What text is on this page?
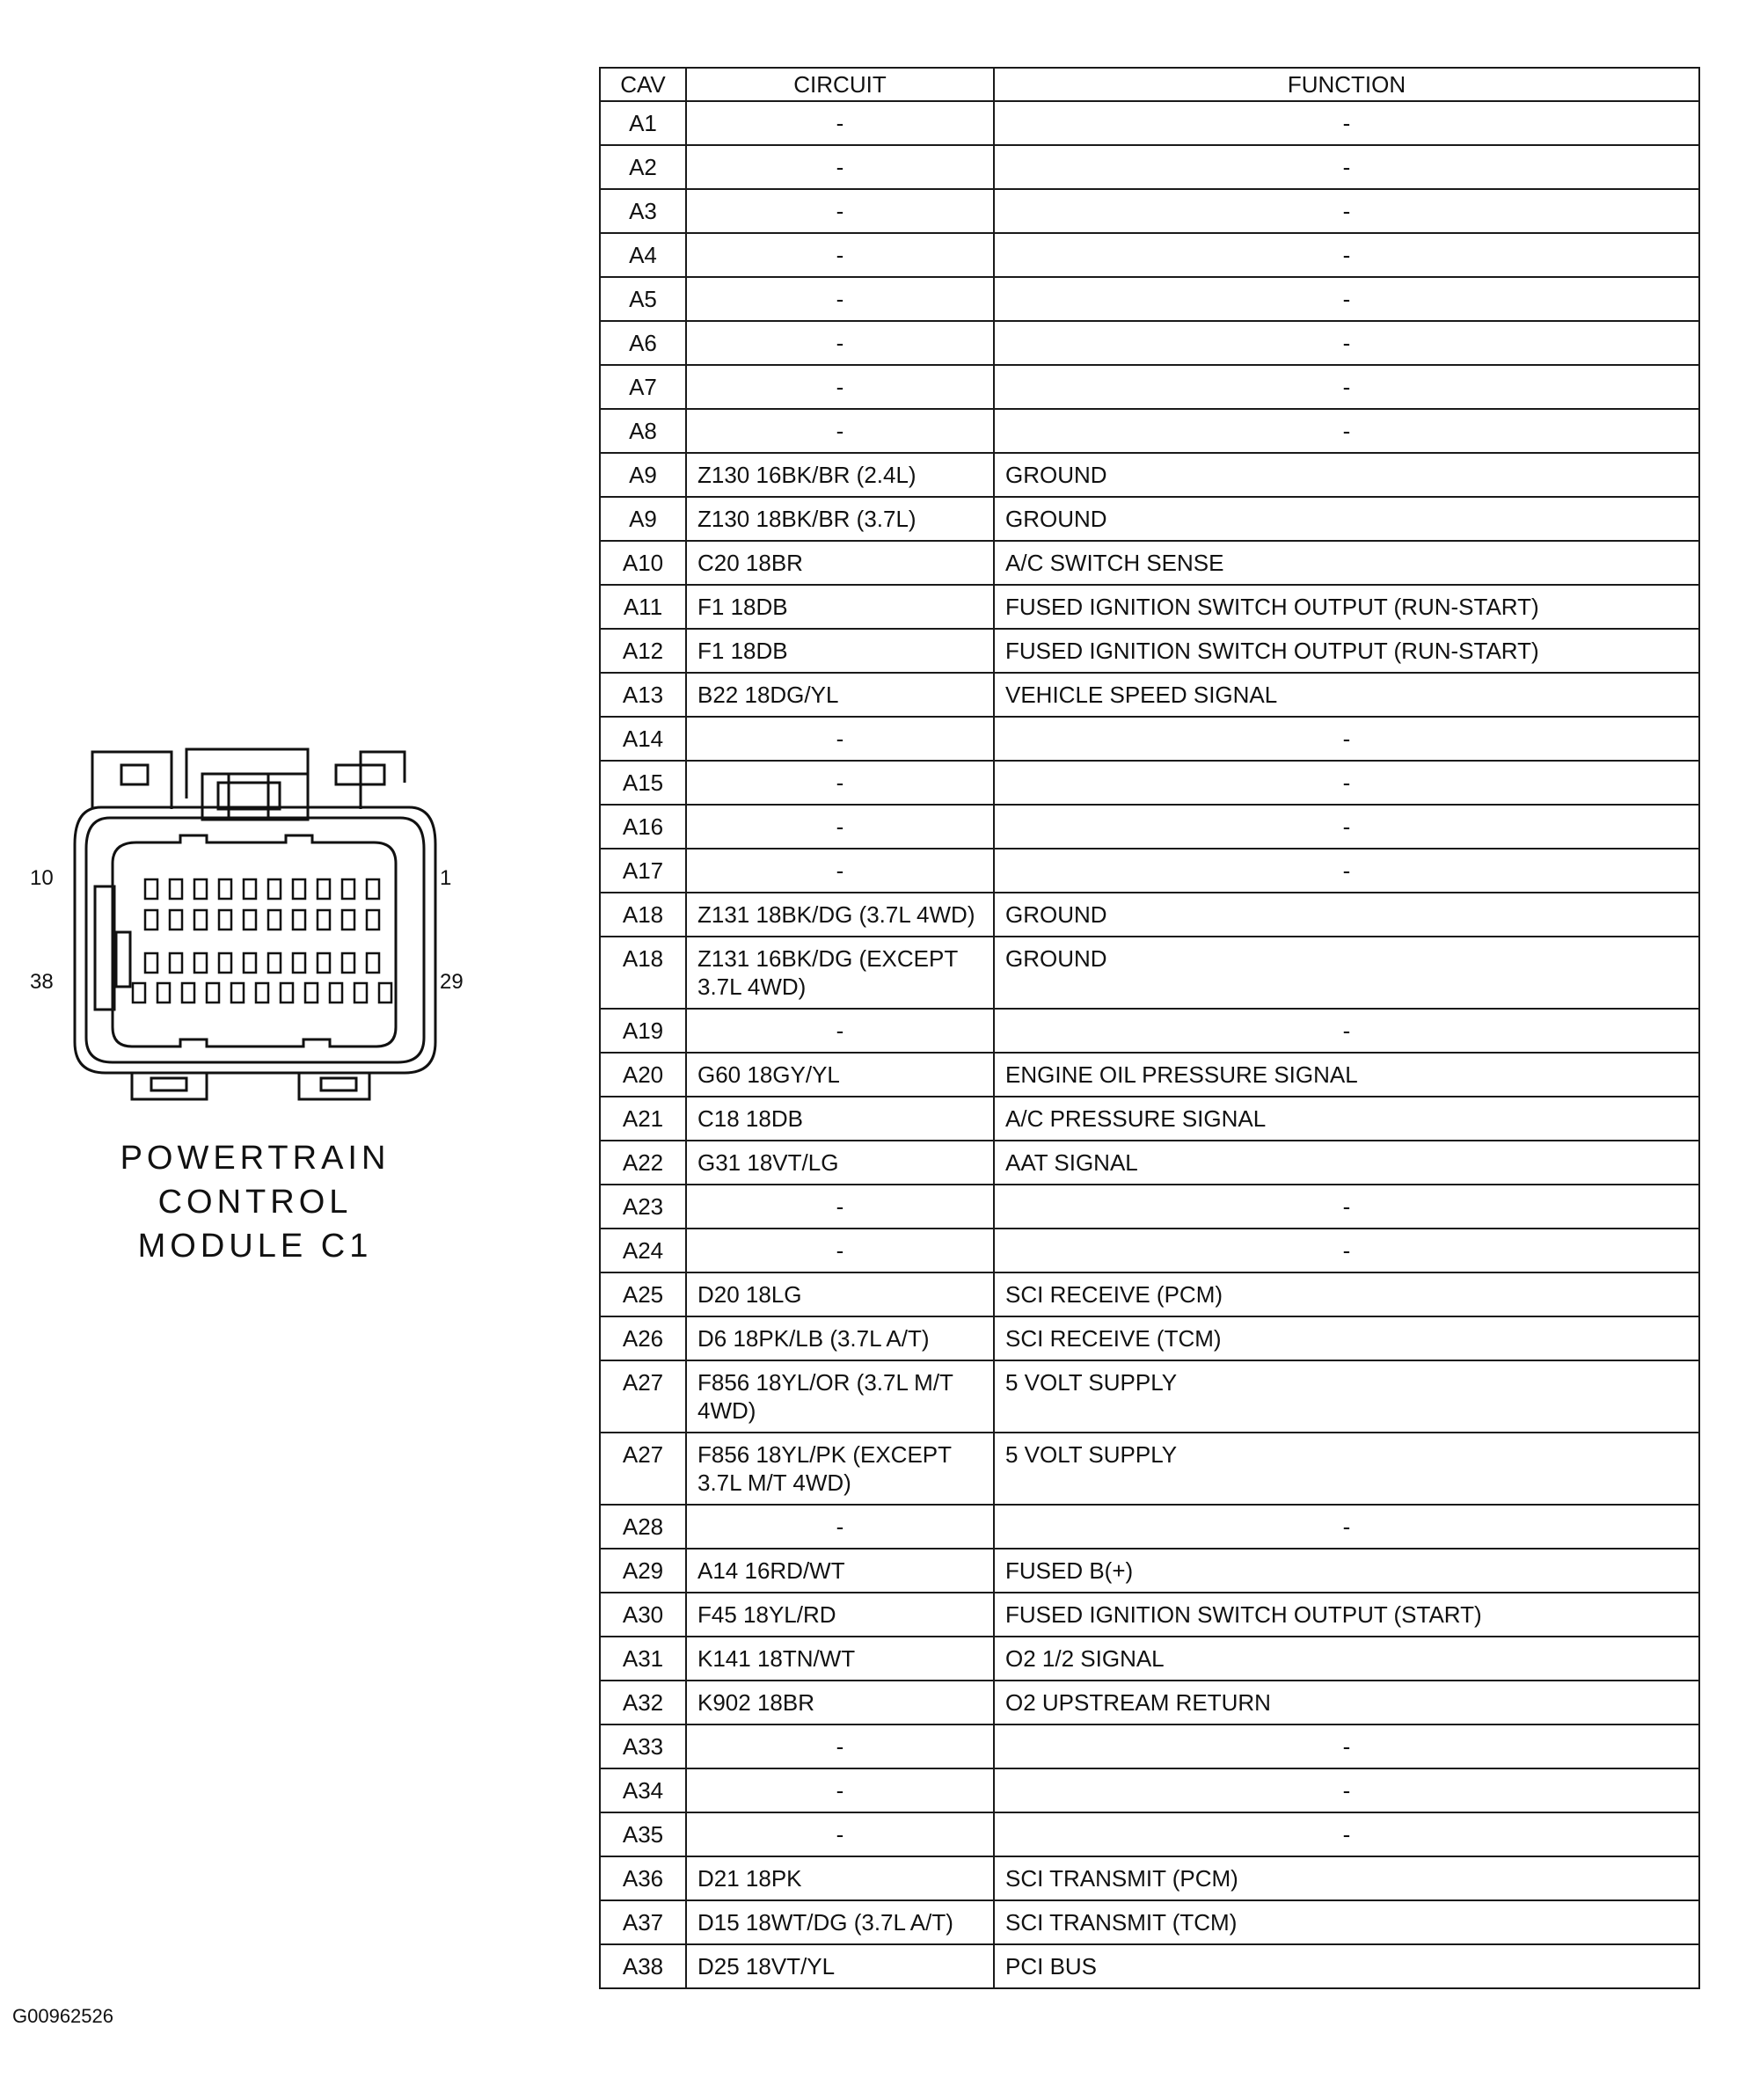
10	1
38	29
POWERTRAIN
CONTROL
MODULE C1
G00962526
CAV	CIRCUIT	FUNCTION
A1	-	-
A2	-	-
A3	-	-
A4	-	-
A5	-	-
A6	-	-
A7	-	-
A8	-	-
A9	Z130 16BK/BR (2.4L)	GROUND
A9	Z130 18BK/BR (3.7L)	GROUND
A10	C20 18BR	A/C SWITCH SENSE
A11	F1 18DB	FUSED IGNITION SWITCH OUTPUT (RUN-START)
A12	F1 18DB	FUSED IGNITION SWITCH OUTPUT (RUN-START)
A13	B22 18DG/YL	VEHICLE SPEED SIGNAL
A14	-	-
A15	-	-
A16	-	-
A17	-	-
A18	Z131 18BK/DG (3.7L 4WD)	GROUND
A18	Z131 16BK/DG (EXCEPT 3.7L 4WD)	GROUND
A19	-	-
A20	G60 18GY/YL	ENGINE OIL PRESSURE SIGNAL
A21	C18 18DB	A/C PRESSURE SIGNAL
A22	G31 18VT/LG	AAT SIGNAL
A23	-	-
A24	-	-
A25	D20 18LG	SCI RECEIVE (PCM)
A26	D6 18PK/LB (3.7L A/T)	SCI RECEIVE (TCM)
A27	F856 18YL/OR (3.7L M/T 4WD)	5 VOLT SUPPLY
A27	F856 18YL/PK (EXCEPT 3.7L M/T 4WD)	5 VOLT SUPPLY
A28	-	-
A29	A14 16RD/WT	FUSED B(+)
A30	F45 18YL/RD	FUSED IGNITION SWITCH OUTPUT (START)
A31	K141 18TN/WT	O2 1/2 SIGNAL
A32	K902 18BR	O2 UPSTREAM RETURN
A33	-	-
A34	-	-
A35	-	-
A36	D21 18PK	SCI TRANSMIT (PCM)
A37	D15 18WT/DG (3.7L A/T)	SCI TRANSMIT (TCM)
A38	D25 18VT/YL	PCI BUS
